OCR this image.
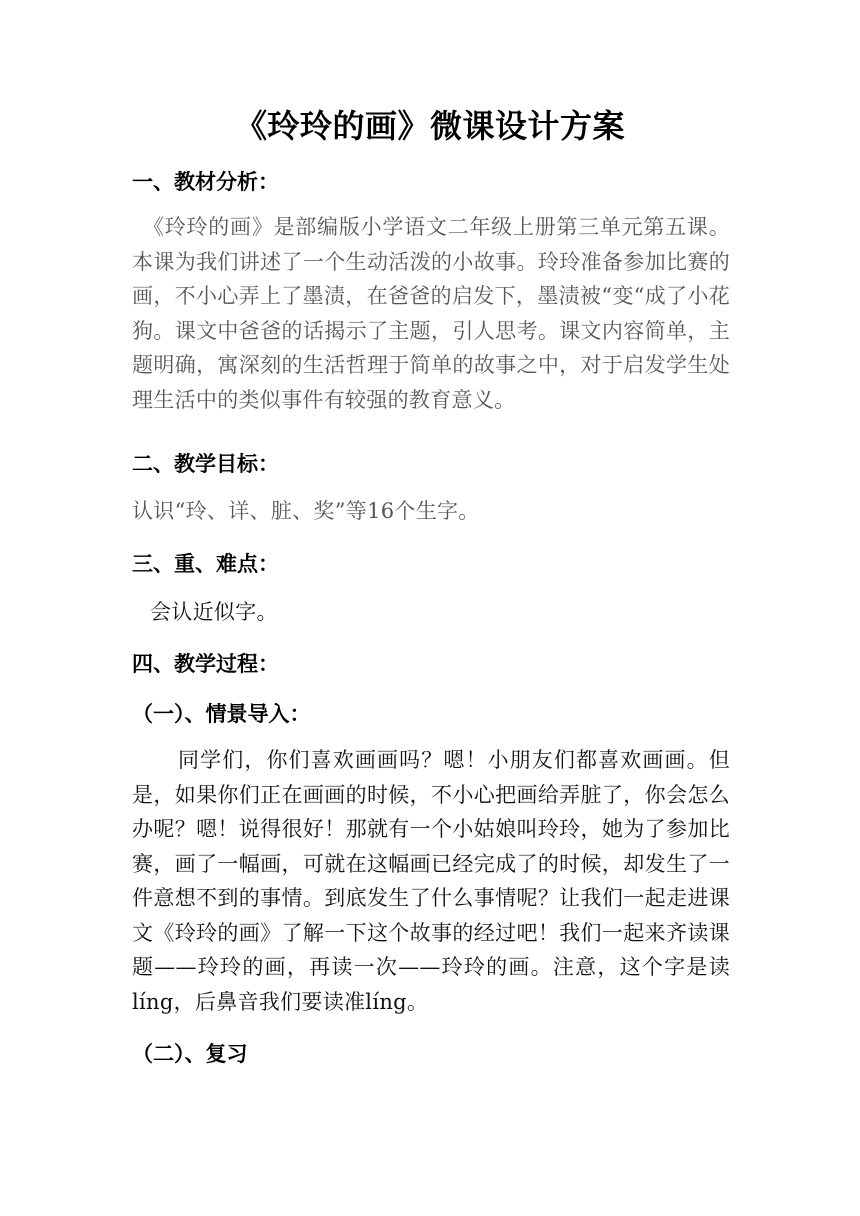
《玲玲的画》微课设计方案
一、教材分析：

《玲玲的画》是部编版小学语文二年级上册第三单元第五课。本课为我们讲述了一个生动活泼的小故事。玲玲准备参加比赛的画，不小心弄上了墨渍，在爸爸的启发下，墨渍被“变“成了小花狗。课文中爸爸的话揭示了主题，引人思考。课文内容简单，主题明确，寓深刻的生活哲理于简单的故事之中，对于启发学生处理生活中的类似事件有较强的教育意义。

二、教学目标：

认识“玲、详、脏、奖”等16个生字。

三、重、难点：

会认近似字。

四、教学过程：
（一）、情景导入：

同学们，你们喜欢画画吗？嗯！小朋友们都喜欢画画。但是，如果你们正在画画的时候，不小心把画给弄脏了，你会怎么办呢？嗯！说得很好！那就有一个小姑娘叫玲玲，她为了参加比赛，画了一幅画，可就在这幅画已经完成了的时候，却发生了一件意想不到的事情。到底发生了什么事情呢？让我们一起走进课文《玲玲的画》了解一下这个故事的经过吧！我们一起来齐读课题——玲玲的画，再读一次——玲玲的画。注意，这个字是读líng，后鼻音我们要读准líng。

（二）、复习
